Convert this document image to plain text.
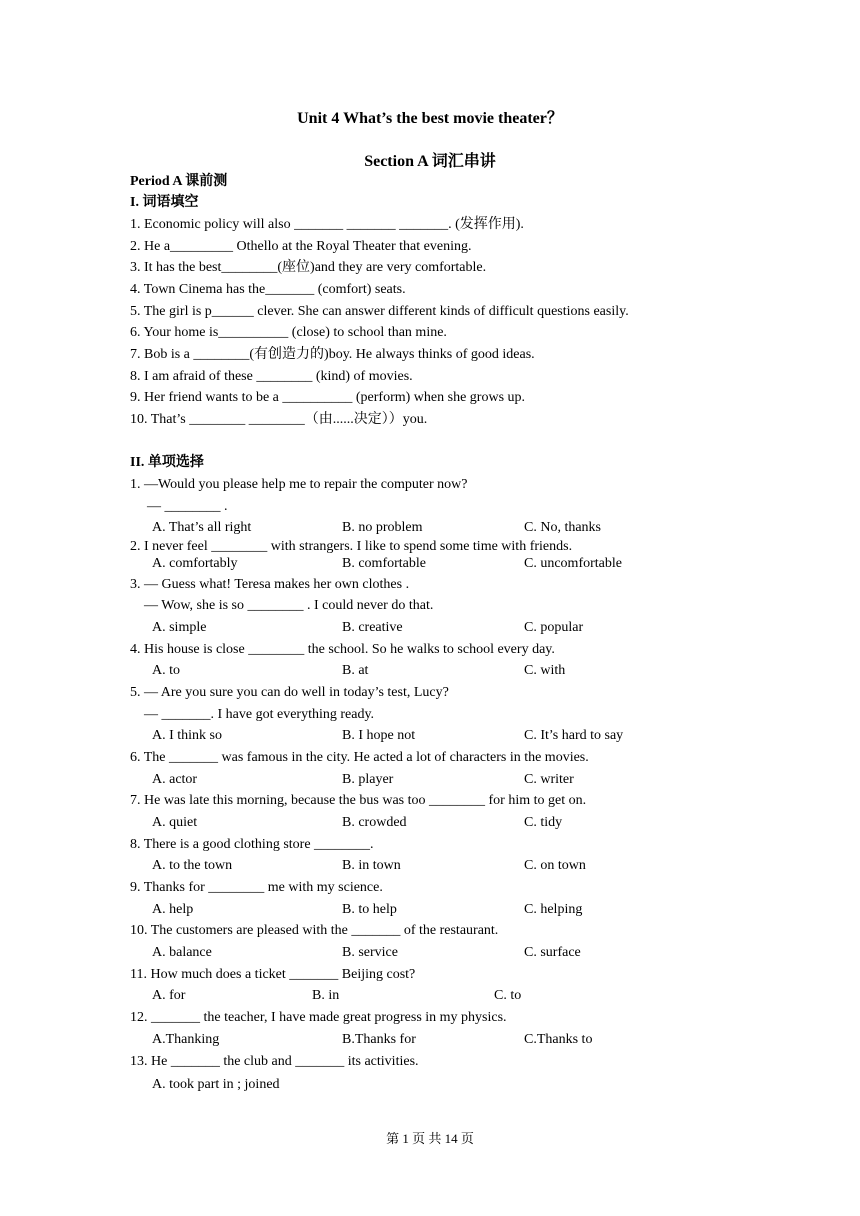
Unit 4 What’s the best movie theater？
Section A 词汇串讲
Period A 课前测
I. 词语填空
1. Economic policy will also _______ _______ _______. (发挥作用).
2. He a_________ Othello at the Royal Theater that evening.
3. It has the best________(座位)and they are very comfortable.
4. Town Cinema has the_______ (comfort) seats.
5. The girl is p______ clever. She can answer different kinds of difficult questions easily.
6. Your home is__________ (close) to school than mine.
7. Bob is a ________(有创造力的)boy. He always thinks of good ideas.
8. I am afraid of these ________ (kind) of movies.
9. Her friend wants to be a __________ (perform) when she grows up.
10. That’s ________ ________（由......决定））you.
II. 单项选择
1. —Would you please help me to repair the computer now?
— ________ .
A. That’s all right	B. no problem	C. No, thanks
2. I never feel ________ with strangers. I like to spend some time with friends.
A. comfortably	B. comfortable	C. uncomfortable
3. — Guess what! Teresa makes her own clothes .
— Wow, she is so ________ . I could never do that.
A. simple	B. creative	C. popular
4. His house is close ________ the school. So he walks to school every day.
A. to	B. at	C. with
5. — Are you sure you can do well in today’s test, Lucy?
— _______. I have got everything ready.
A. I think so	B. I hope not	C. It’s hard to say
6. The _______ was famous in the city. He acted a lot of characters in the movies.
A. actor	B. player	C. writer
7. He was late this morning, because the bus was too ________ for him to get on.
A. quiet	B. crowded	C. tidy
8. There is a good clothing store ________.
A. to the town	B. in town	C. on town
9. Thanks for ________ me with my science.
A. help	B. to help	C. helping
10. The customers are pleased with the _______ of the restaurant.
A. balance	B. service	C. surface
11. How much does a ticket _______ Beijing cost?
A. for	B. in	C. to
12. _______ the teacher, I have made great progress in my physics.
A.Thanking	B.Thanks for	C.Thanks to
13. He _______ the club and _______ its activities.
A. took part in ; joined
第 1 页 共 14 页
